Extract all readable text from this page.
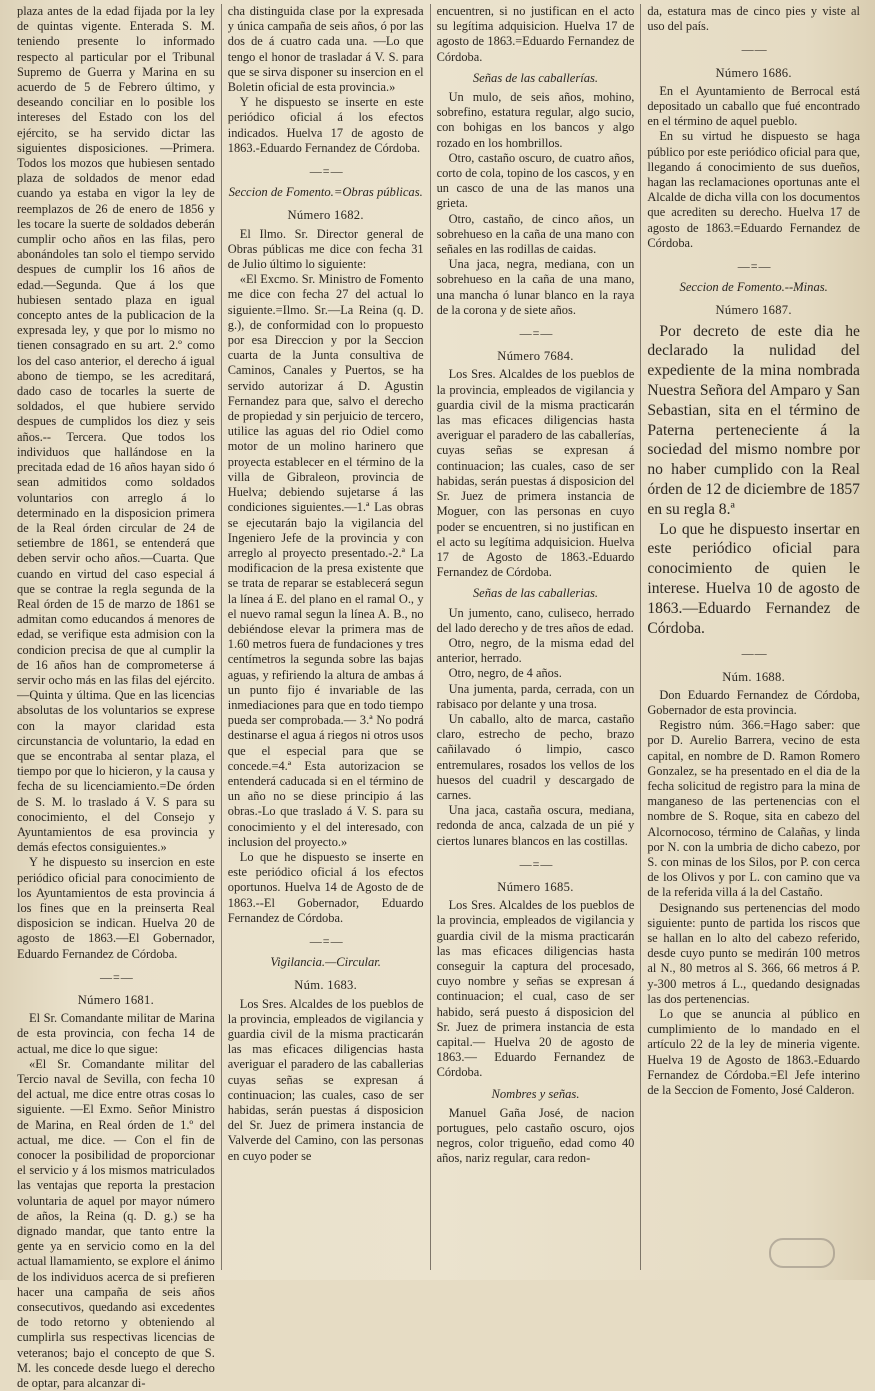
plaza antes de la edad fijada por la ley de quintas vigente. Enterada S. M. teniendo presente lo informado respecto al particular por el Tribunal Supremo de Guerra y Marina en su acuerdo de 5 de Febrero último, y deseando conciliar en lo posible los intereses del Estado con los del ejército, se ha servido dictar las siguientes disposiciones. —Primera. Todos los mozos que hubiesen sentado plaza de soldados de menor edad cuando ya estaba en vigor la ley de reemplazos de 26 de enero de 1856 y les tocare la suerte de soldados deberán cumplir ocho años en las filas, pero abonándoles tan solo el tiempo servido despues de cumplir los 16 años de edad.—Segunda. Que á los que hubiesen sentado plaza en igual concepto antes de la publicacion de la expresada ley, y que por lo mismo no tienen consagrado en su art. 2.º como los del caso anterior, el derecho á igual abono de tiempo, se les acreditará, dado caso de tocarles la suerte de soldados, el que hubiere servido despues de cumplidos los diez y seis años.-- Tercera. Que todos los individuos que hallándose en la precitada edad de 16 años hayan sido ó sean admitidos como soldados voluntarios con arreglo á lo determinado en la disposicion primera de la Real órden circular de 24 de setiembre de 1861, se entenderá que deben servir ocho años.—Cuarta. Que cuando en virtud del caso especial á que se contrae la regla segunda de la Real órden de 15 de marzo de 1861 se admitan como educandos á menores de edad, se verifique esta admision con la condicion precisa de que al cumplir la de 16 años han de comprometerse á servir ocho más en las filas del ejército.—Quinta y última. Que en las licencias absolutas de los voluntarios se exprese con la mayor claridad esta circunstancia de voluntario, la edad en que se encontraba al sentar plaza, el tiempo por que lo hicieron, y la causa y fecha de su licenciamiento.=De órden de S. M. lo traslado á V. S para su conocimiento, el del Consejo y Ayuntamientos de esa provincia y demás efectos consiguientes.»

Y he dispuesto su insercion en este periódico oficial para conocimiento de los Ayuntamientos de esta provincia á los fines que en la preinserta Real disposicion se indican. Huelva 20 de agosto de 1863.—El Gobernador, Eduardo Fernandez de Córdoba.

— = —

Número 1681.

El Sr. Comandante militar de Marina de esta provincia, con fecha 14 de actual, me dice lo que sigue:

«El Sr. Comandante militar del Tercio naval de Sevilla, con fecha 10 del actual, me dice entre otras cosas lo siguiente. —El Exmo. Señor Ministro de Marina, en Real órden de 1.º del actual, me dice. — Con el fin de conocer la posibilidad de proporcionar el servicio y á los mismos matriculados las ventajas que reporta la prestacion voluntaria de aquel por mayor número de años, la Reina (q. D. g.) se ha dignado mandar, que tanto entre la gente ya en servicio como en la del actual llamamiento, se explore el ánimo de los individuos acerca de si prefieren hacer una campaña de seis años consecutivos, quedando asi excedentes de todo retorno y obteniendo al cumplirla sus respectivas licencias de veteranos; bajo el concepto de que S. M. les concede desde luego el derecho de optar, para alcanzar di-

cha distinguida clase por la expresada y única campaña de seis años, ó por las dos de á cuatro cada una. —Lo que tengo el honor de trasladar á V. S. para que se sirva disponer su insercion en el Boletin oficial de esta provincia.»

Y he dispuesto se inserte en este periódico oficial á los efectos indicados. Huelva 17 de agosto de 1863.-Eduardo Fernandez de Córdoba.

— = —

Seccion de Fomento.=Obras públicas.

Número 1682.

El Ilmo. Sr. Director general de Obras públicas me dice con fecha 31 de Julio último lo siguiente:

«El Excmo. Sr. Ministro de Fomento me dice con fecha 27 del actual lo siguiente.=Ilmo. Sr.—La Reina (q. D. g.), de conformidad con lo propuesto por esa Direccion y por la Seccion cuarta de la Junta consultiva de Caminos, Canales y Puertos, se ha servido autorizar á D. Agustin Fernandez para que, salvo el derecho de propiedad y sin perjuicio de tercero, utilice las aguas del rio Odiel como motor de un molino harinero que proyecta establecer en el término de la villa de Gibraleon, provincia de Huelva; debiendo sujetarse á las condiciones siguientes.—1.ª Las obras se ejecutarán bajo la vigilancia del Ingeniero Jefe de la provincia y con arreglo al proyecto presentado.-2.ª La modificacion de la presa existente que se trata de reparar se establecerá segun la línea á E. del plano en el ramal O., y el nuevo ramal segun la línea A. B., no debiéndose elevar la primera mas de 1.60 metros fuera de fundaciones y tres centímetros la segunda sobre las bajas aguas, y refiriendo la altura de ambas á un punto fijo é invariable de las inmediaciones para que en todo tiempo pueda ser comprobada.— 3.ª No podrá destinarse el agua á riegos ni otros usos que el especial para que se concede.=4.ª Esta autorizacion se entenderá caducada si en el término de un año no se diese principio á las obras.-Lo que traslado á V. S. para su conocimiento y el del interesado, con inclusion del proyecto.»

Lo que he dispuesto se inserte en este periódico oficial á los efectos oportunos. Huelva 14 de Agosto de de 1863.--El Gobernador, Eduardo Fernandez de Córdoba.

— = —

Vigilancia.—Circular.

Núm. 1683.

Los Sres. Alcaldes de los pueblos de la provincia, empleados de vigilancia y guardia civil de la misma practicarán las mas eficaces diligencias hasta averiguar el paradero de las caballerias cuyas señas se expresan á continuacion; las cuales, caso de ser habidas, serán puestas á disposicion del Sr. Juez de primera instancia de Valverde del Camino, con las personas en cuyo poder se

encuentren, si no justifican en el acto su legítima adquisicion. Huelva 17 de agosto de 1863.=Eduardo Fernandez de Córdoba.

Señas de las caballerías.

Un mulo, de seis años, mohino, sobrefino, estatura regular, algo sucio, con bohigas en los bancos y algo rozado en los hombrillos.

Otro, castaño oscuro, de cuatro años, corto de cola, topino de los cascos, y en un casco de una de las manos una grieta.

Otro, castaño, de cinco años, un sobrehueso en la caña de una mano con señales en las rodillas de caidas.

Una jaca, negra, mediana, con un sobrehueso en la caña de una mano, una mancha ó lunar blanco en la raya de la corona y de siete años.

— = —

Número 7684.

Los Sres. Alcaldes de los pueblos de la provincia, empleados de vigilancia y guardia civil de la misma practicarán las mas eficaces diligencias hasta averiguar el paradero de las caballerías, cuyas señas se expresan á continuacion; las cuales, caso de ser habidas, serán puestas á disposicion del Sr. Juez de primera instancia de Moguer, con las personas en cuyo poder se encuentren, si no justifican en el acto su legítima adquisicion. Huelva 17 de Agosto de 1863.-Eduardo Fernandez de Córdoba.

Señas de las caballerias.

Un jumento, cano, culiseco, herrado del lado derecho y de tres años de edad.

Otro, negro, de la misma edad del anterior, herrado.

Otro, negro, de 4 años.

Una jumenta, parda, cerrada, con un rabisaco por delante y una trosa.

Un caballo, alto de marca, castaño claro, estrecho de pecho, brazo cañilavado ó limpio, casco entremulares, rosados los vellos de los huesos del cuadril y descargado de carnes.

Una jaca, castaña oscura, mediana, redonda de anca, calzada de un pié y ciertos lunares blancos en las costillas.

— = —

Número 1685.

Los Sres. Alcaldes de los pueblos de la provincia, empleados de vigilancia y guardia civil de la misma practicarán las mas eficaces diligencias hasta conseguir la captura del procesado, cuyo nombre y señas se expresan á continuacion; el cual, caso de ser habido, será puesto á disposicion del Sr. Juez de primera instancia de esta capital.— Huelva 20 de agosto de 1863.— Eduardo Fernandez de Córdoba.

Nombres y señas.

Manuel Gaña José, de nacion portugues, pelo castaño oscuro, ojos negros, color trigueño, edad como 40 años, nariz regular, cara redon-

da, estatura mas de cinco pies y viste al uso del país.

— —

Número 1686.

En el Ayuntamiento de Berrocal está depositado un caballo que fué encontrado en el término de aquel pueblo.

En su virtud he dispuesto se haga público por este periódico oficial para que, llegando á conocimiento de sus dueños, hagan las reclamaciones oportunas ante el Alcalde de dicha villa con los documentos que acrediten su derecho. Huelva 17 de agosto de 1863.=Eduardo Fernandez de Córdoba.

— = —

Seccion de Fomento.--Minas.

Número 1687.

Por decreto de este dia he declarado la nulidad del expediente de la mina nombrada Nuestra Señora del Amparo y San Sebastian, sita en el término de Paterna perteneciente á la sociedad del mismo nombre por no haber cumplido con la Real órden de 12 de diciembre de 1857 en su regla 8.ª

Lo que he dispuesto insertar en este periódico oficial para conocimiento de quien le interese. Huelva 10 de agosto de 1863.—Eduardo Fernandez de Córdoba.

— —

Núm. 1688.

Don Eduardo Fernandez de Córdoba, Gobernador de esta provincia.

Registro núm. 366.=Hago saber: que por D. Aurelio Barrera, vecino de esta capital, en nombre de D. Ramon Romero Gonzalez, se ha presentado en el dia de la fecha solicitud de registro para la mina de manganeso de las pertenencias con el nombre de S. Roque, sita en cabezo del Alcornocoso, término de Calañas, y linda por N. con la umbria de dicho cabezo, por S. con minas de los Silos, por P. con cerca de los Olivos y por L. con camino que va de la referida villa á la del Castaño.

Designando sus pertenencias del modo siguiente: punto de partida los riscos que se hallan en lo alto del cabezo referido, desde cuyo punto se medirán 100 metros al N., 80 metros al S. 366, 66 metros á P. y-300 metros á L., quedando designadas las dos pertenencias.

Lo que se anuncia al público en cumplimiento de lo mandado en el artículo 22 de la ley de mineria vigente. Huelva 19 de Agosto de 1863.-Eduardo Fernandez de Córdoba.=El Jefe interino de la Seccion de Fomento, José Calderon.
